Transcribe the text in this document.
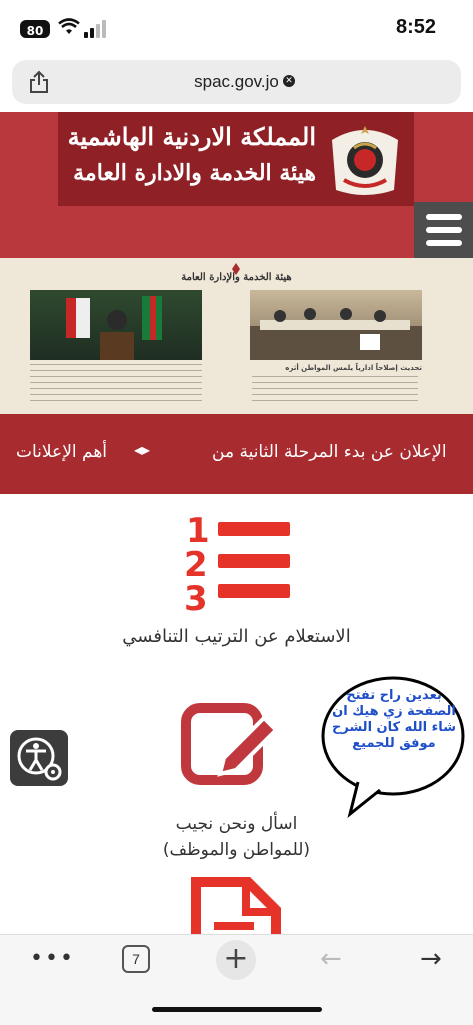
80	8:52
spac.gov.jo ✕
المملكة الاردنية الهاشمية
هيئة الخدمة والادارة العامة
هيئة الخدمة والإدارة العامة
تحديث إصلاحاً ادارياً يلمس المواطن أثره
الإعلان عن بدء المرحلة الثانية من
◂▸
أهم الإعلانات
1
2
3
الاستعلام عن الترتيب التنافسي
اسأل ونحن نجيب
(للمواطن والموظف)
بعدين راح تفتح الصفحة زي هيك ان شاء الله كان الشرح موفق للجميع
•••	7	+	←	→
